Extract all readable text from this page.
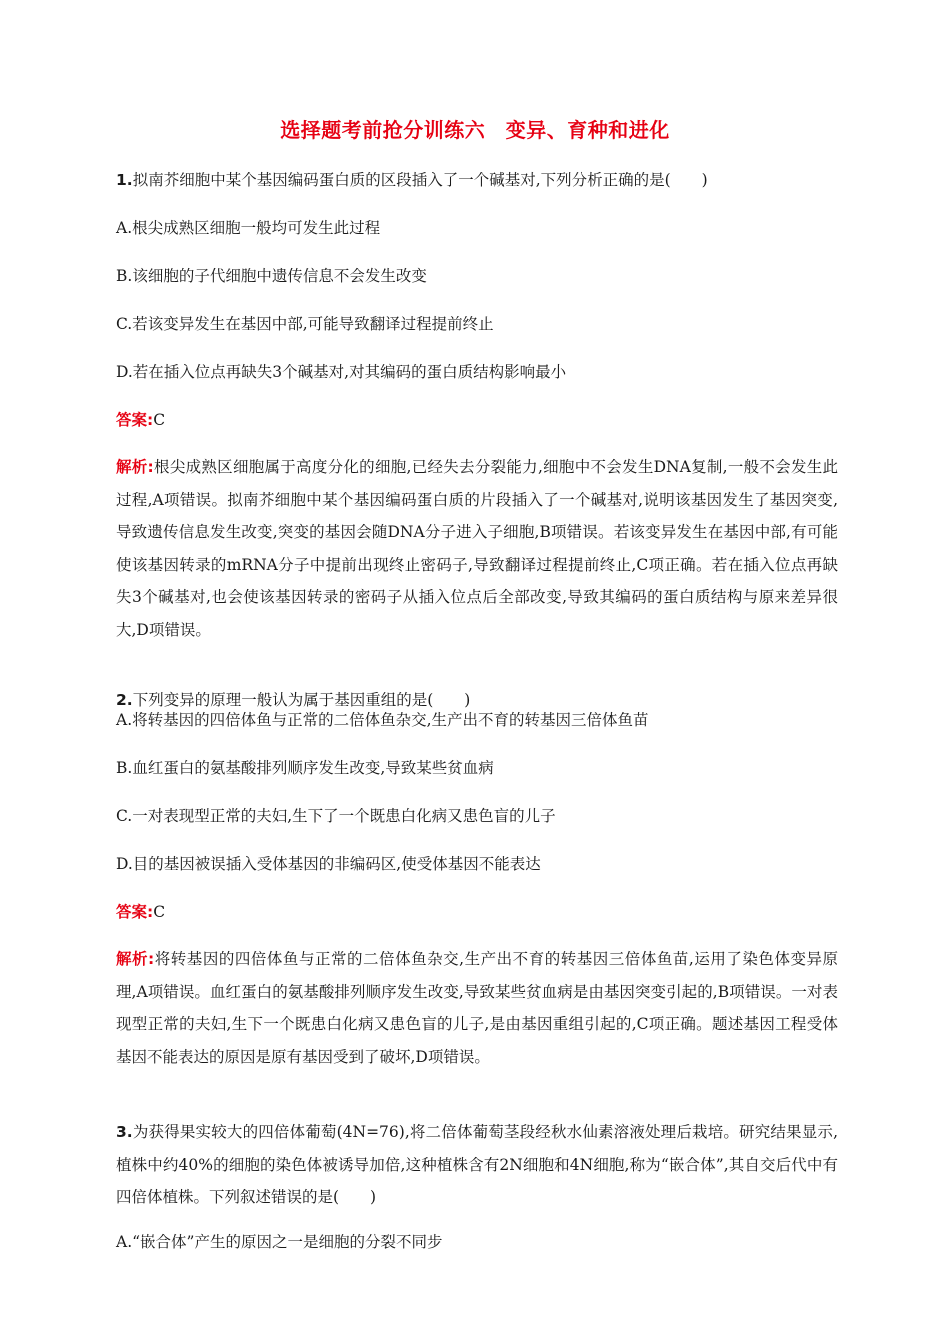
选择题考前抢分训练六　变异、育种和进化
1.拟南芥细胞中某个基因编码蛋白质的区段插入了一个碱基对,下列分析正确的是(　　)
A.根尖成熟区细胞一般均可发生此过程
B.该细胞的子代细胞中遗传信息不会发生改变
C.若该变异发生在基因中部,可能导致翻译过程提前终止
D.若在插入位点再缺失3个碱基对,对其编码的蛋白质结构影响最小
答案:C
解析:根尖成熟区细胞属于高度分化的细胞,已经失去分裂能力,细胞中不会发生DNA复制,一般不会发生此过程,A项错误。拟南芥细胞中某个基因编码蛋白质的片段插入了一个碱基对,说明该基因发生了基因突变,导致遗传信息发生改变,突变的基因会随DNA分子进入子细胞,B项错误。若该变异发生在基因中部,有可能使该基因转录的mRNA分子中提前出现终止密码子,导致翻译过程提前终止,C项正确。若在插入位点再缺失3个碱基对,也会使该基因转录的密码子从插入位点后全部改变,导致其编码的蛋白质结构与原来差异很大,D项错误。
2.下列变异的原理一般认为属于基因重组的是(　　)
A.将转基因的四倍体鱼与正常的二倍体鱼杂交,生产出不育的转基因三倍体鱼苗
B.血红蛋白的氨基酸排列顺序发生改变,导致某些贫血病
C.一对表现型正常的夫妇,生下了一个既患白化病又患色盲的儿子
D.目的基因被误插入受体基因的非编码区,使受体基因不能表达
答案:C
解析:将转基因的四倍体鱼与正常的二倍体鱼杂交,生产出不育的转基因三倍体鱼苗,运用了染色体变异原理,A项错误。血红蛋白的氨基酸排列顺序发生改变,导致某些贫血病是由基因突变引起的,B项错误。一对表现型正常的夫妇,生下一个既患白化病又患色盲的儿子,是由基因重组引起的,C项正确。题述基因工程受体基因不能表达的原因是原有基因受到了破坏,D项错误。
3.为获得果实较大的四倍体葡萄(4N=76),将二倍体葡萄茎段经秋水仙素溶液处理后栽培。研究结果显示,植株中约40%的细胞的染色体被诱导加倍,这种植株含有2N细胞和4N细胞,称为“嵌合体”,其自交后代中有四倍体植株。下列叙述错误的是(　　)
A.“嵌合体”产生的原因之一是细胞的分裂不同步
